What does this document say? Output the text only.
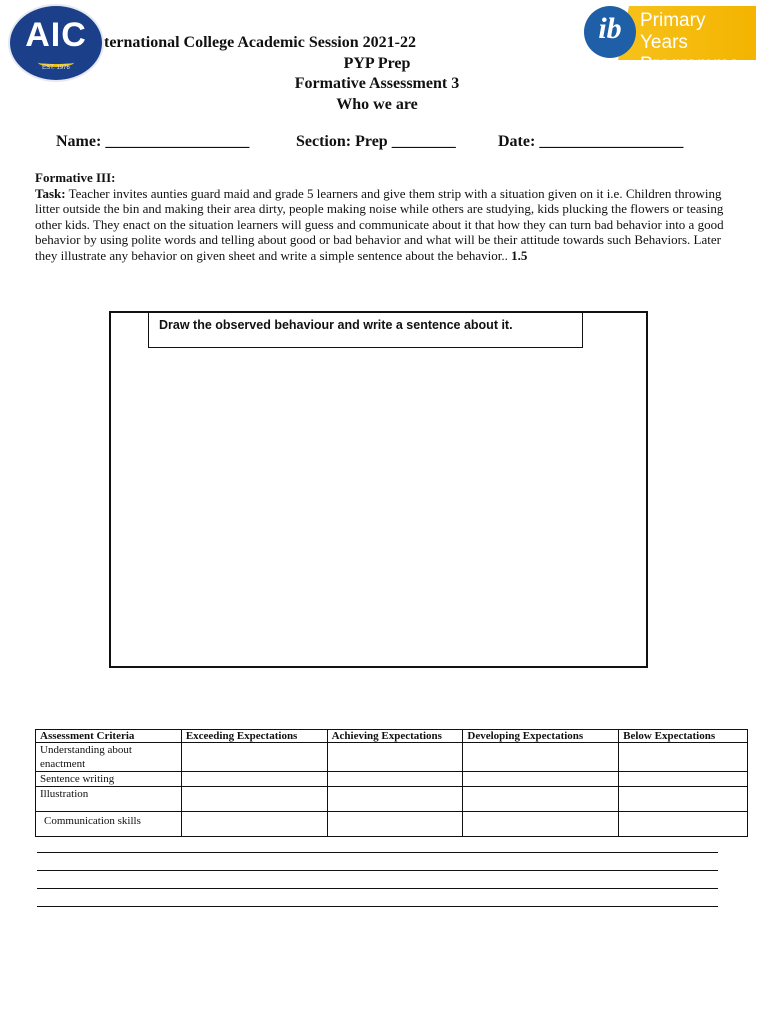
AIC
EST. 1976
ib Primary Years
Programme
ternational College Academic Session 2021-22
PYP Prep
Formative Assessment 3
Who we are
Name: __________________	Section: Prep ________	Date: __________________
Formative III:
Task: Teacher invites aunties guard maid and grade 5 learners and give them strip with a situation given on it i.e. Children throwing litter outside the bin and making their area dirty, people making noise while others are studying, kids plucking the flowers or teasing other kids. They enact on the situation learners will guess and communicate about it that how they can turn bad behavior into a good behavior by using polite words and telling about good or bad behavior and what will be their attitude towards such Behaviors. Later they illustrate any behavior on given sheet and write a simple sentence about the behavior.. 1.5
Draw the observed behaviour and write a sentence about it.
Assessment Criteria	Exceeding Expectations	Achieving Expectations	Developing Expectations	Below Expectations
Understanding about enactment				
Sentence writing				
Illustration				
Communication skills				
